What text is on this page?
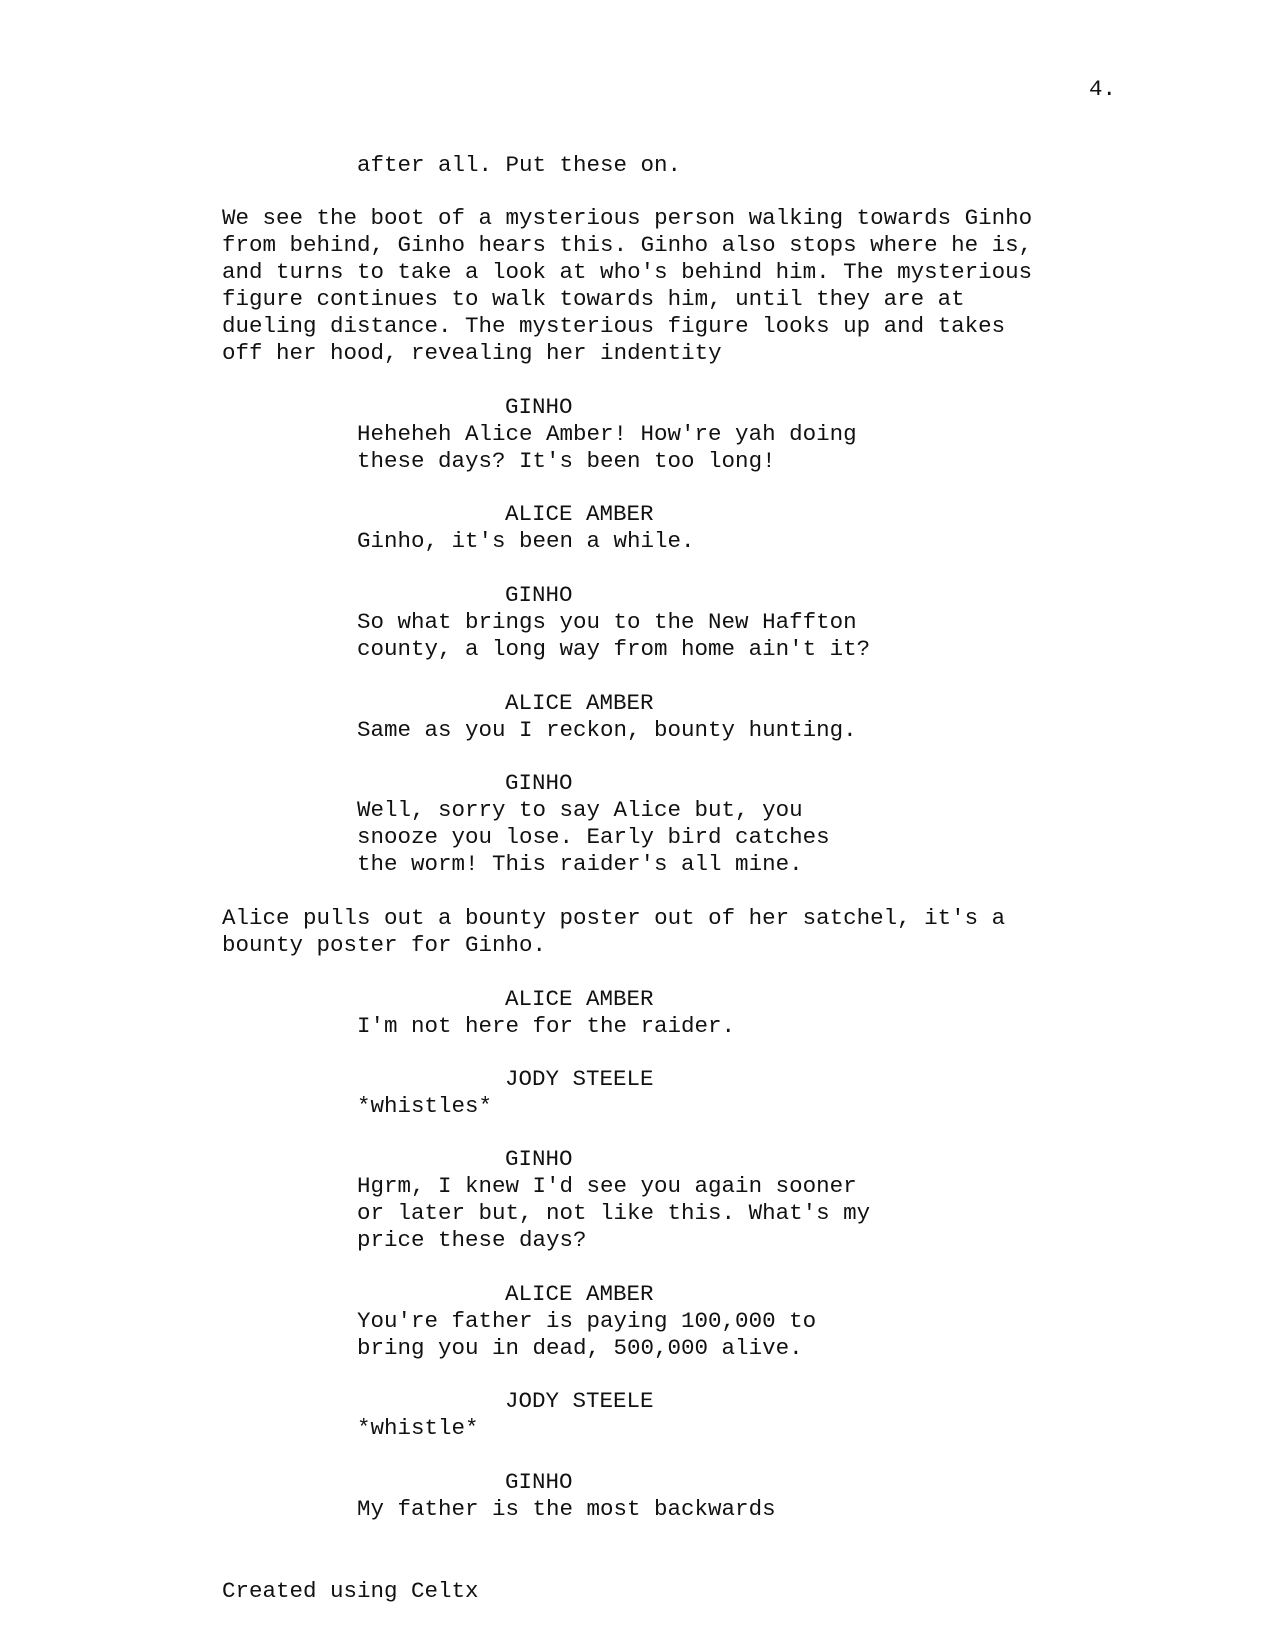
4.
after all. Put these on.
We see the boot of a mysterious person walking towards Ginho
from behind, Ginho hears this. Ginho also stops where he is,
and turns to take a look at who's behind him. The mysterious
figure continues to walk towards him, until they are at
dueling distance. The mysterious figure looks up and takes
off her hood, revealing her indentity
GINHO
Heheheh Alice Amber! How're yah doing
these days? It's been too long!
ALICE AMBER
Ginho, it's been a while.
GINHO
So what brings you to the New Haffton
county, a long way from home ain't it?
ALICE AMBER
Same as you I reckon, bounty hunting.
GINHO
Well, sorry to say Alice but, you
snooze you lose. Early bird catches
the worm! This raider's all mine.
Alice pulls out a bounty poster out of her satchel, it's a
bounty poster for Ginho.
ALICE AMBER
I'm not here for the raider.
JODY STEELE
*whistles*
GINHO
Hgrm, I knew I'd see you again sooner
or later but, not like this. What's my
price these days?
ALICE AMBER
You're father is paying 100,000 to
bring you in dead, 500,000 alive.
JODY STEELE
*whistle*
GINHO
My father is the most backwards
Created using Celtx
